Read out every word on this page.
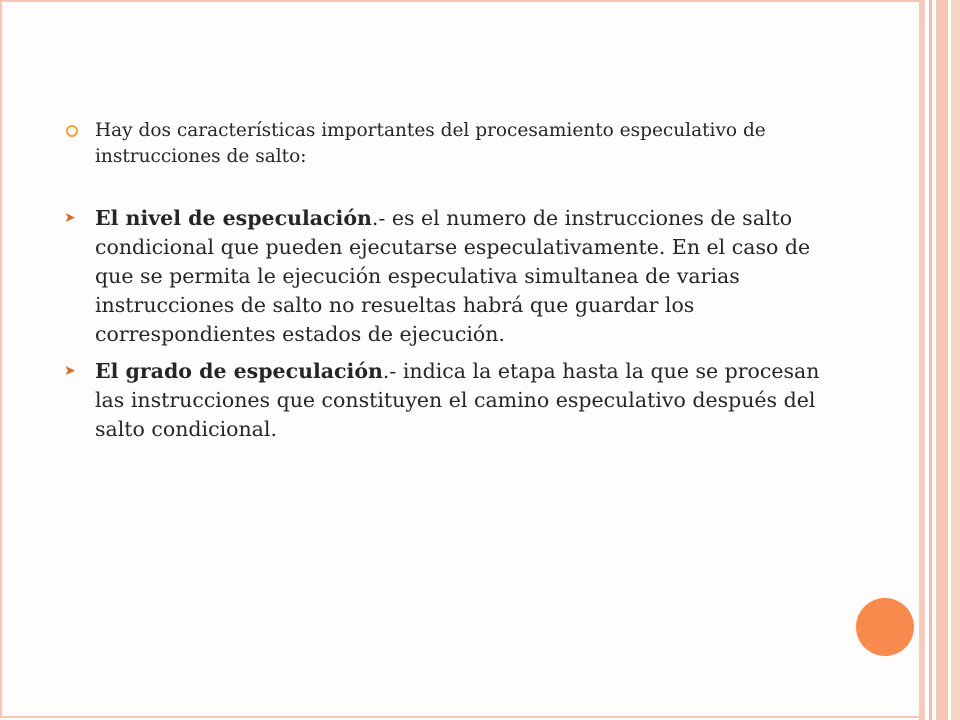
Hay dos características importantes del procesamiento especulativo de instrucciones de salto:
➤ El nivel de especulación.- es el numero de instrucciones de salto condicional que pueden ejecutarse especulativamente. En el caso de que se permita le ejecución especulativa simultanea de varias instrucciones de salto no resueltas habrá que guardar los correspondientes estados de ejecución.
➤ El grado de especulación.- indica la etapa hasta la que se procesan las instrucciones que constituyen el camino especulativo después del salto condicional.
